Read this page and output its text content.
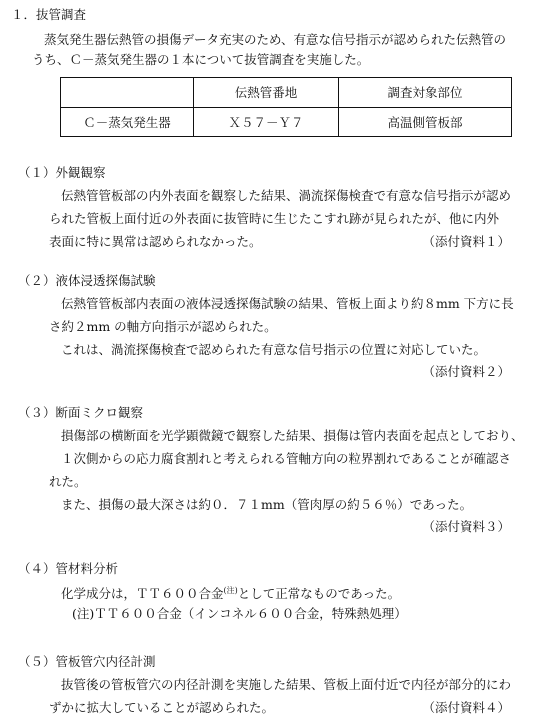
１．抜管調査
蒸気発生器伝熱管の損傷データ充実のため、有意な信号指示が認められた伝熱管の
うち、Ｃ－蒸気発生器の１本について抜管調査を実施した。
	伝熱管番地	調査対象部位
Ｃ－蒸気発生器	Ｘ５７－Ｙ７	高温側管板部
（１）外観観察
伝熱管管板部の内外表面を観察した結果、渦流探傷検査で有意な信号指示が認め
られた管板上面付近の外表面に抜管時に生じたこすれ跡が見られたが、他に内外
表面に特に異常は認められなかった。	（添付資料１）
（２）液体浸透探傷試験
伝熱管管板部内表面の液体浸透探傷試験の結果、管板上面より約８mm 下方に長
さ約２mm の軸方向指示が認められた。
これは、渦流探傷検査で認められた有意な信号指示の位置に対応していた。
（添付資料２）
（３）断面ミクロ観察
損傷部の横断面を光学顕微鏡で観察した結果、損傷は管内表面を起点としており、
１次側からの応力腐食割れと考えられる管軸方向の粒界割れであることが確認さ
れた。
また、損傷の最大深さは約０．７１mm（管肉厚の約５６％）であった。
（添付資料３）
（４）管材料分析
化学成分は，ＴＴ６００合金$^{(注)}$として正常なものであった。
(注)ＴＴ６００合金（インコネル６００合金，特殊熱処理）
（５）管板管穴内径計測
抜管後の管板管穴の内径計測を実施した結果、管板上面付近で内径が部分的にわ
ずかに拡大していることが認められた。	（添付資料４）
